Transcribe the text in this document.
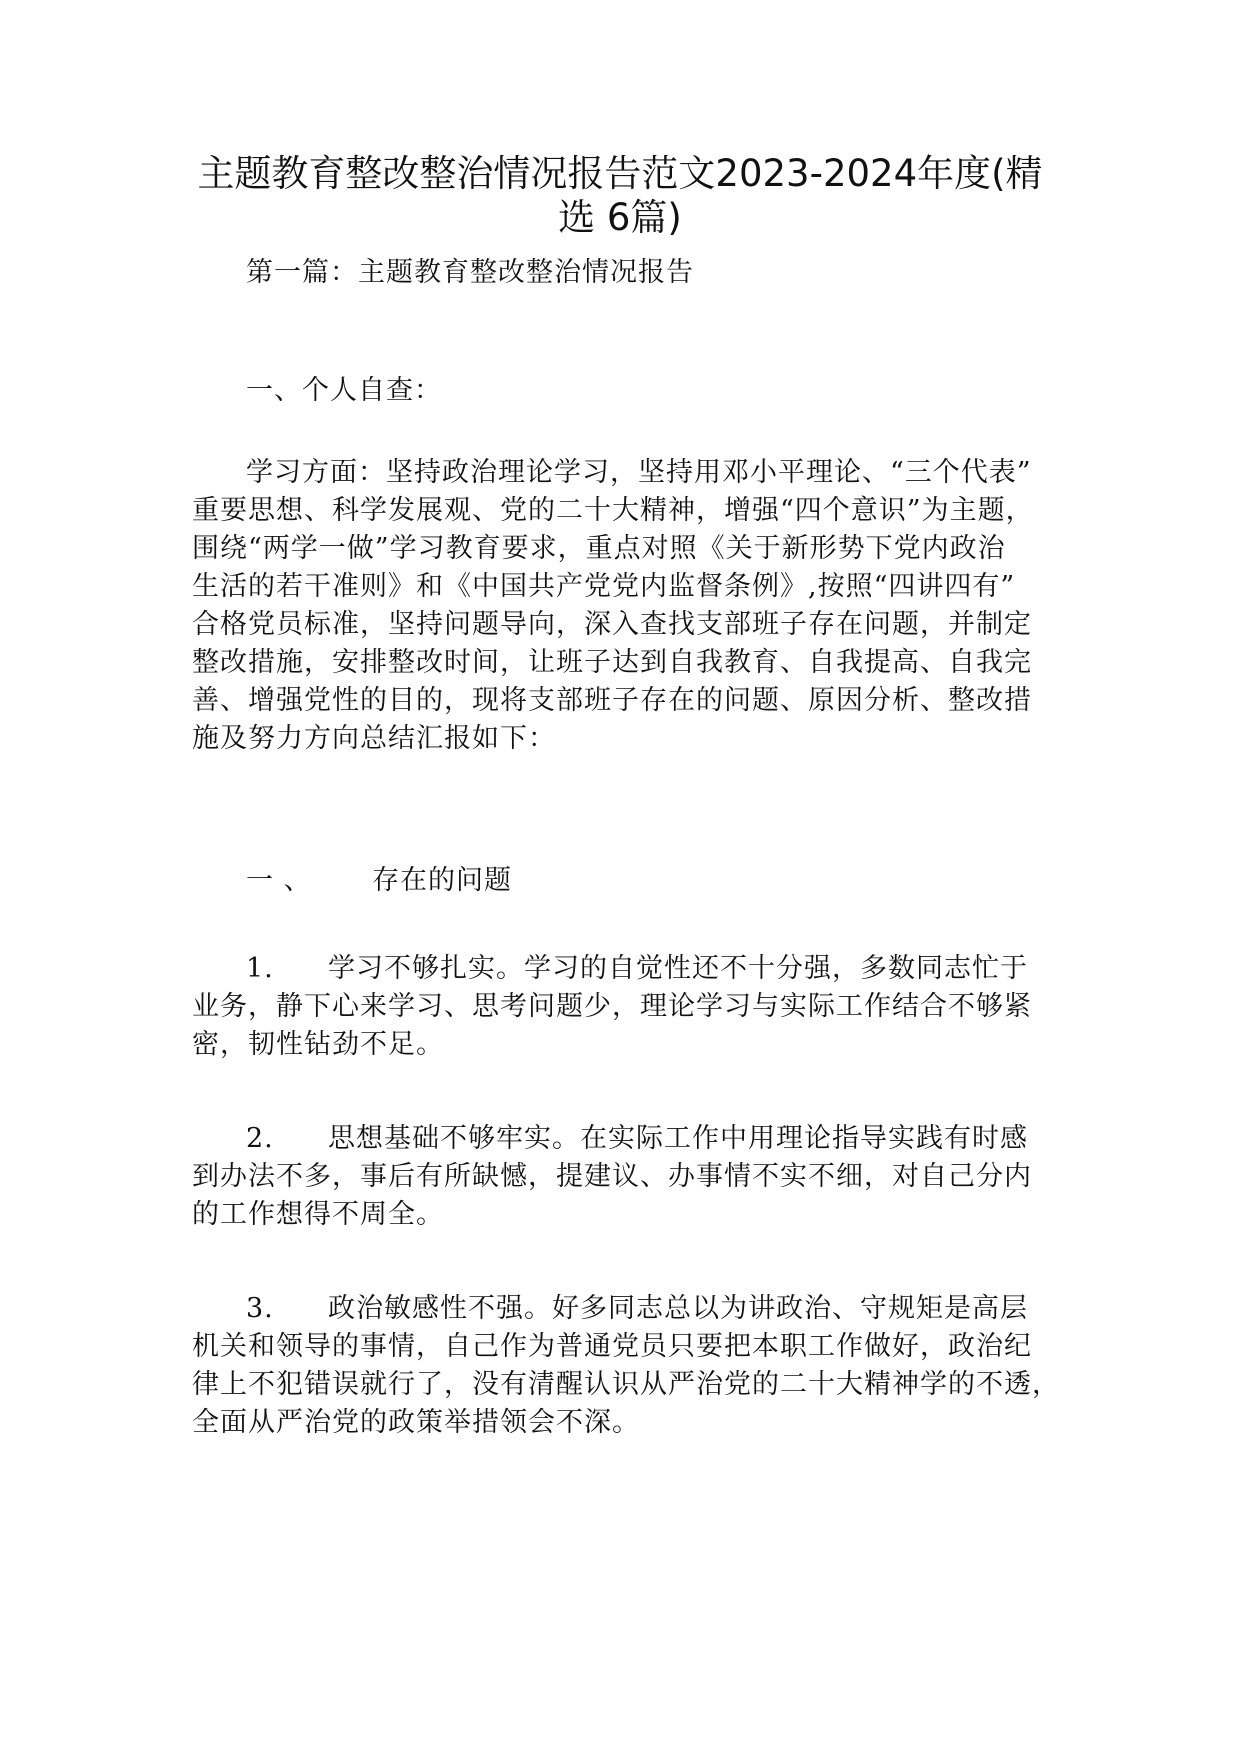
主题教育整改整治情况报告范文2023-2024年度(精
选 6篇)

第一篇：主题教育整改整治情况报告

一、个人自查：

学习方面：坚持政治理论学习，坚持用邓小平理论、“三个代表”
重要思想、科学发展观、党的二十大精神，增强“四个意识”为主题，
围绕“两学一做”学习教育要求，重点对照《关于新形势下党内政治
生活的若干准则》和《中国共产党党内监督条例》,按照“四讲四有”
合格党员标准，坚持问题导向，深入查找支部班子存在问题，并制定
整改措施，安排整改时间，让班子达到自我教育、自我提高、自我完
善、增强党性的目的，现将支部班子存在的问题、原因分析、整改措
施及努力方向总结汇报如下：

一 、 存在的问题

1. 学习不够扎实。学习的自觉性还不十分强，多数同志忙于
业务，静下心来学习、思考问题少，理论学习与实际工作结合不够紧
密，韧性钻劲不足。

2. 思想基础不够牢实。在实际工作中用理论指导实践有时感
到办法不多，事后有所缺憾，提建议、办事情不实不细，对自己分内
的工作想得不周全。

3. 政治敏感性不强。好多同志总以为讲政治、守规矩是高层
机关和领导的事情，自己作为普通党员只要把本职工作做好，政治纪
律上不犯错误就行了，没有清醒认识从严治党的二十大精神学的不透，
全面从严治党的政策举措领会不深。
